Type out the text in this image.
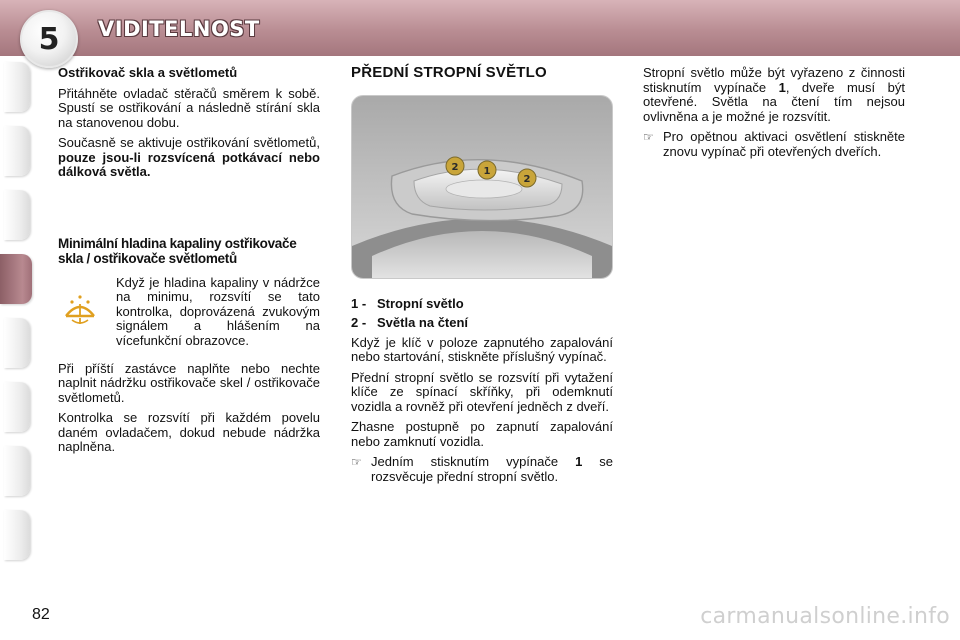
5 VIDITELNOST
Ostřikovač skla a světlometů

Přitáhněte ovladač stěračů směrem k sobě. Spustí se ostřikování a následně stírání skla na stanovenou dobu.

Současně se aktivuje ostřikování světlometů, pouze jsou-li rozsvícená potkávací nebo dálková světla.

Minimální hladina kapaliny ostřikovače skla / ostřikovače světlometů

Když je hladina kapaliny v nádržce na minimu, rozsvítí se tato kontrolka, doprovázená zvukovým signálem a hlášením na vícefunkční obrazovce.

Při příští zastávce naplňte nebo nechte naplnit nádržku ostřikovače skel / ostřikovače světlometů.

Kontrolka se rozsvítí při každém povelu daném ovladačem, dokud nebude nádržka naplněna.

PŘEDNÍ STROPNÍ SVĚTLO
2	1
2
1 - Stropní světlo
2 - Světla na čtení

Když je klíč v poloze zapnutého zapalování nebo startování, stiskněte příslušný vypínač.

Přední stropní světlo se rozsvítí při vytažení klíče ze spínací skříňky, při odemknutí vozidla a rovněž při otevření jedněch z dveří.

Zhasne postupně po zapnutí zapalování nebo zamknutí vozidla.

☞ Jedním stisknutím vypínače 1 se rozsvěcuje přední stropní světlo.

Stropní světlo může být vyřazeno z činnosti stisknutím vypínače 1, dveře musí být otevřené. Světla na čtení tím nejsou ovlivněna a je možné je rozsvítit.

☞ Pro opětnou aktivaci osvětlení stiskněte znovu vypínač při otevřených dveřích.

82	carmanualsonline.info
